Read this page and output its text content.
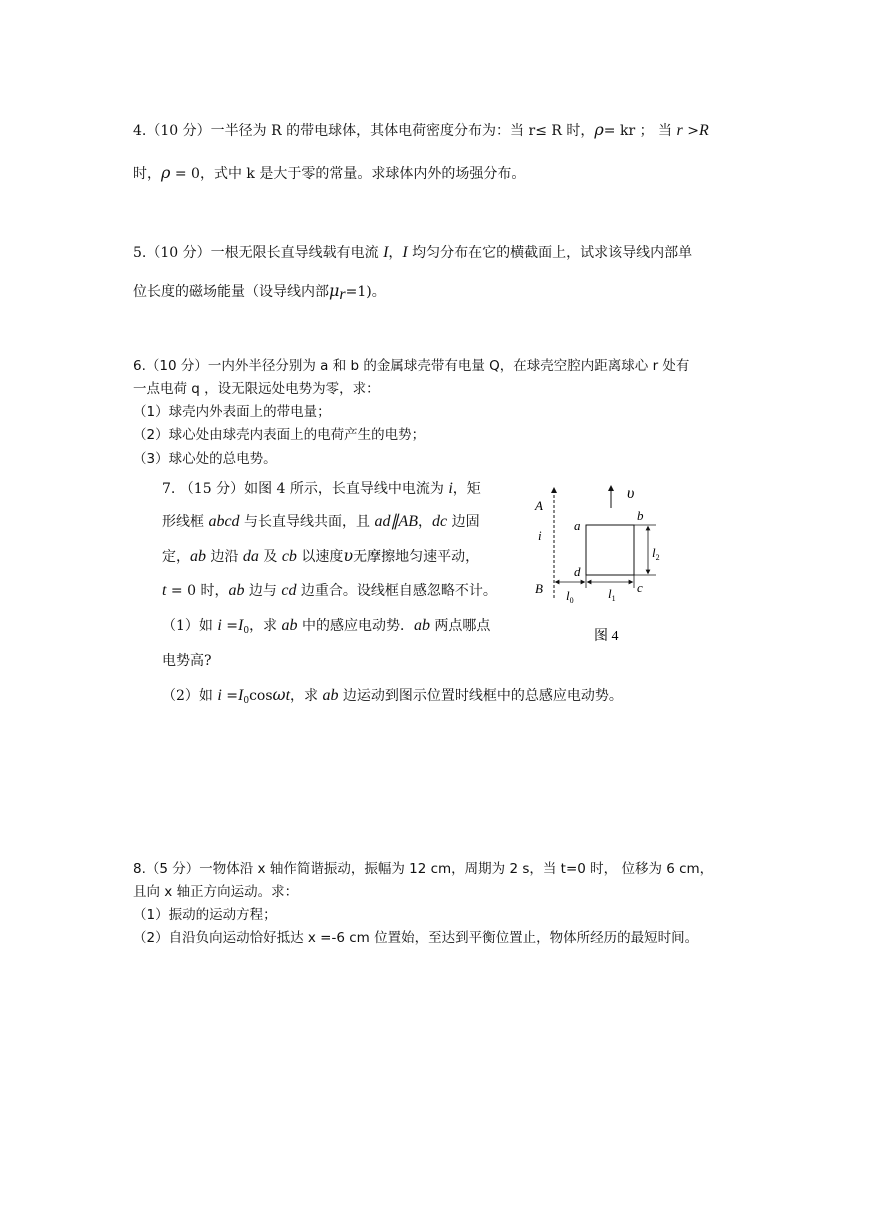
4.（10 分）一半径为 R 的带电球体，其体电荷密度分布为：当 r≤ R 时，ρ= kr ； 当 r >R
时，ρ = 0，式中 k 是大于零的常量。求球体内外的场强分布。
5.（10 分）一根无限长直导线载有电流 I，I 均匀分布在它的横截面上，试求该导线内部单
位长度的磁场能量（设导线内部$\mu_r=1$)。
6.（10 分）一内外半径分别为 a 和 b 的金属球壳带有电量 Q，在球壳空腔内距离球心 r 处有
一点电荷 q ，设无限远处电势为零，求：
（1）球壳内外表面上的带电量；
（2）球心处由球壳内表面上的电荷产生的电势；
（3）球心处的总电势。
7. （15 分）如图 4 所示，长直导线中电流为 i，矩
形线框 abcd 与长直导线共面，且 ad∥AB，dc 边固
定，ab 边沿 da 及 cb 以速度υ无摩擦地匀速平动，
t = 0 时，ab 边与 cd 边重合。设线框自感忽略不计。
（1）如 $i =I_0$，求 ab 中的感应电动势．ab 两点哪点
电势高?
（2）如 $i =I_0\cos\omega t$，求 ab 边运动到图示位置时线框中的总感应电动势。
A
i
B
υ
a
b
c
d
$l_0$	$l_1$
$l_2$
图 4
8.（5 分）一物体沿 x 轴作简谐振动，振幅为 12 cm，周期为 2 s，当 t=0 时， 位移为 6 cm，
且向 x 轴正方向运动。求：
（1）振动的运动方程；
（2）自沿负向运动恰好抵达 x =-6 cm 位置始，至达到平衡位置止，物体所经历的最短时间。
